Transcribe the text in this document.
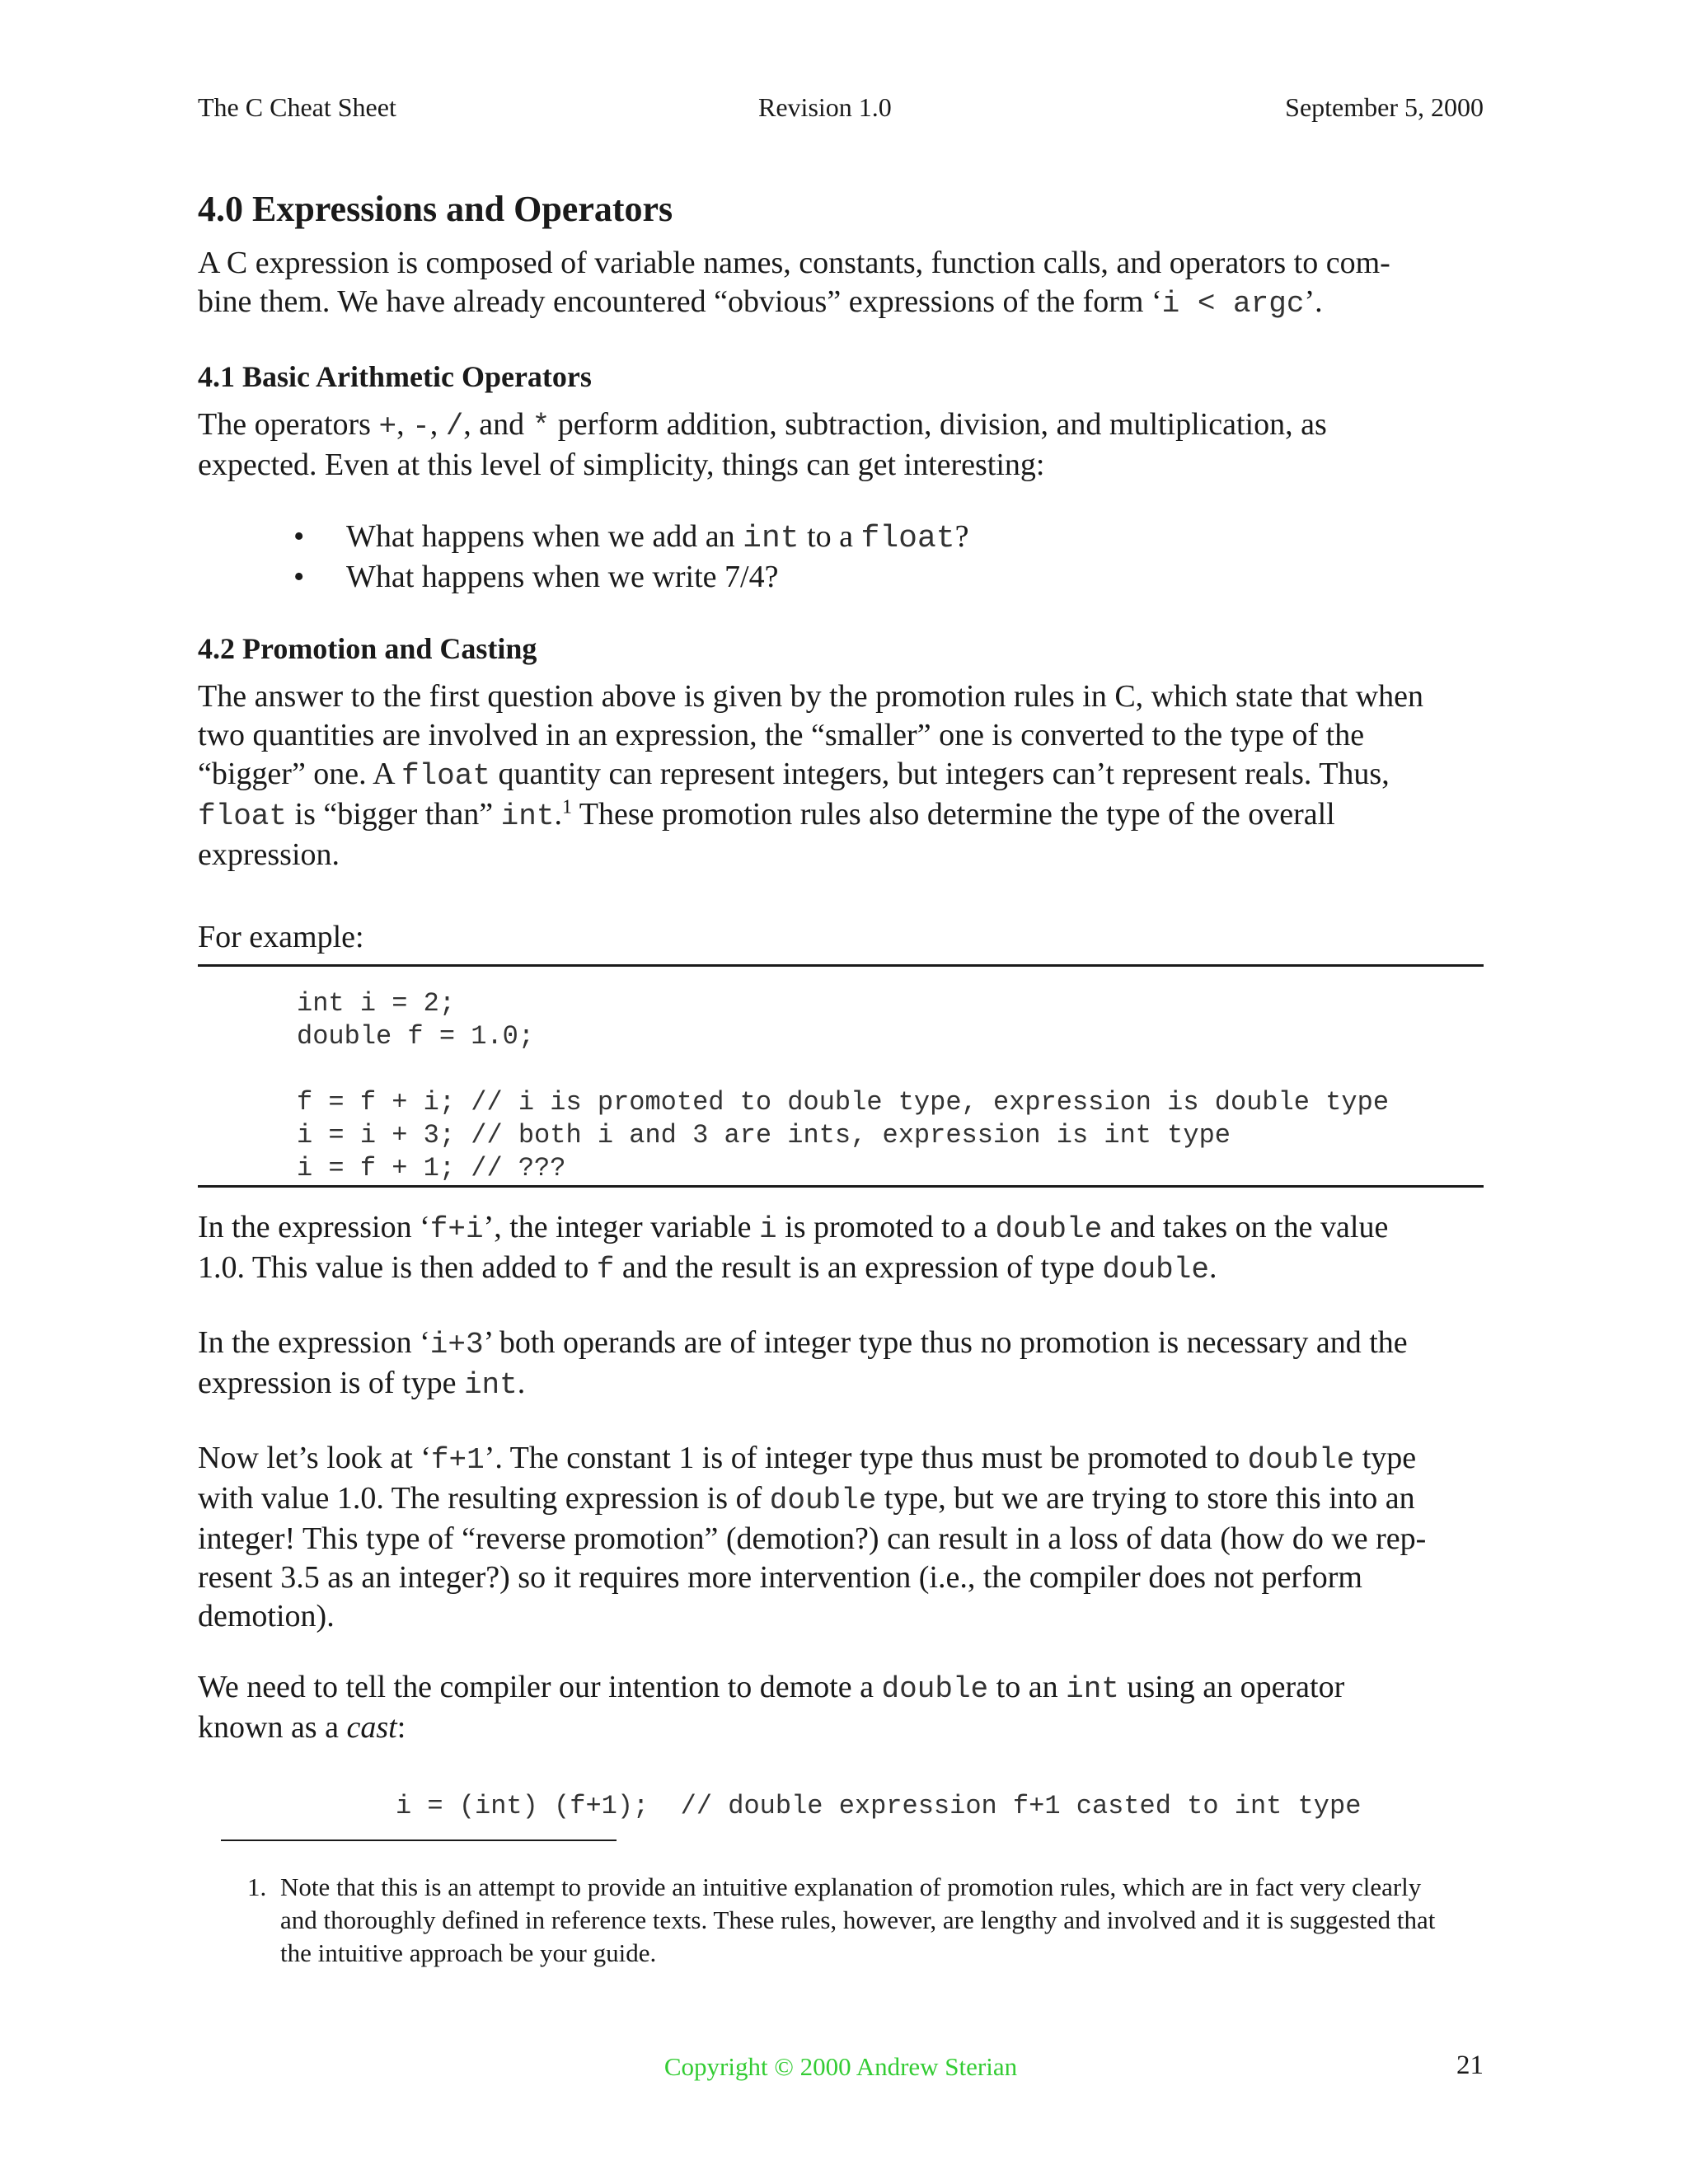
The C Cheat Sheet	Revision 1.0	September 5, 2000
4.0 Expressions and Operators

A C expression is composed of variable names, constants, function calls, and operators to com-
bine them. We have already encountered “obvious” expressions of the form ‘i < argc’.

4.1 Basic Arithmetic Operators

The operators +, -, /, and * perform addition, subtraction, division, and multiplication, as
expected. Even at this level of simplicity, things can get interesting:

• What happens when we add an int to a float?
• What happens when we write 7/4?
4.2 Promotion and Casting

The answer to the first question above is given by the promotion rules in C, which state that when
two quantities are involved in an expression, the “smaller” one is converted to the type of the
“bigger” one. A float quantity can represent integers, but integers can’t represent reals. Thus,
float is “bigger than” int.$^1$ These promotion rules also determine the type of the overall
expression.

For example:

int i = 2;
double f = 1.0;

f = f + i; // i is promoted to double type, expression is double type
i = i + 3; // both i and 3 are ints, expression is int type
i = f + 1; // ???

In the expression ‘f+i’, the integer variable i is promoted to a double and takes on the value
1.0. This value is then added to f and the result is an expression of type double.

In the expression ‘i+3’ both operands are of integer type thus no promotion is necessary and the
expression is of type int.

Now let’s look at ‘f+1’. The constant 1 is of integer type thus must be promoted to double type
with value 1.0. The resulting expression is of double type, but we are trying to store this into an
integer! This type of “reverse promotion” (demotion?) can result in a loss of data (how do we rep-
resent 3.5 as an integer?) so it requires more intervention (i.e., the compiler does not perform
demotion).

We need to tell the compiler our intention to demote a double to an int using an operator
known as a cast:

i = (int) (f+1);  // double expression f+1 casted to int type

1. Note that this is an attempt to provide an intuitive explanation of promotion rules, which are in fact very clearly and thoroughly defined in reference texts. These rules, however, are lengthy and involved and it is suggested that the intuitive approach be your guide.

Copyright © 2000 Andrew Sterian	21
